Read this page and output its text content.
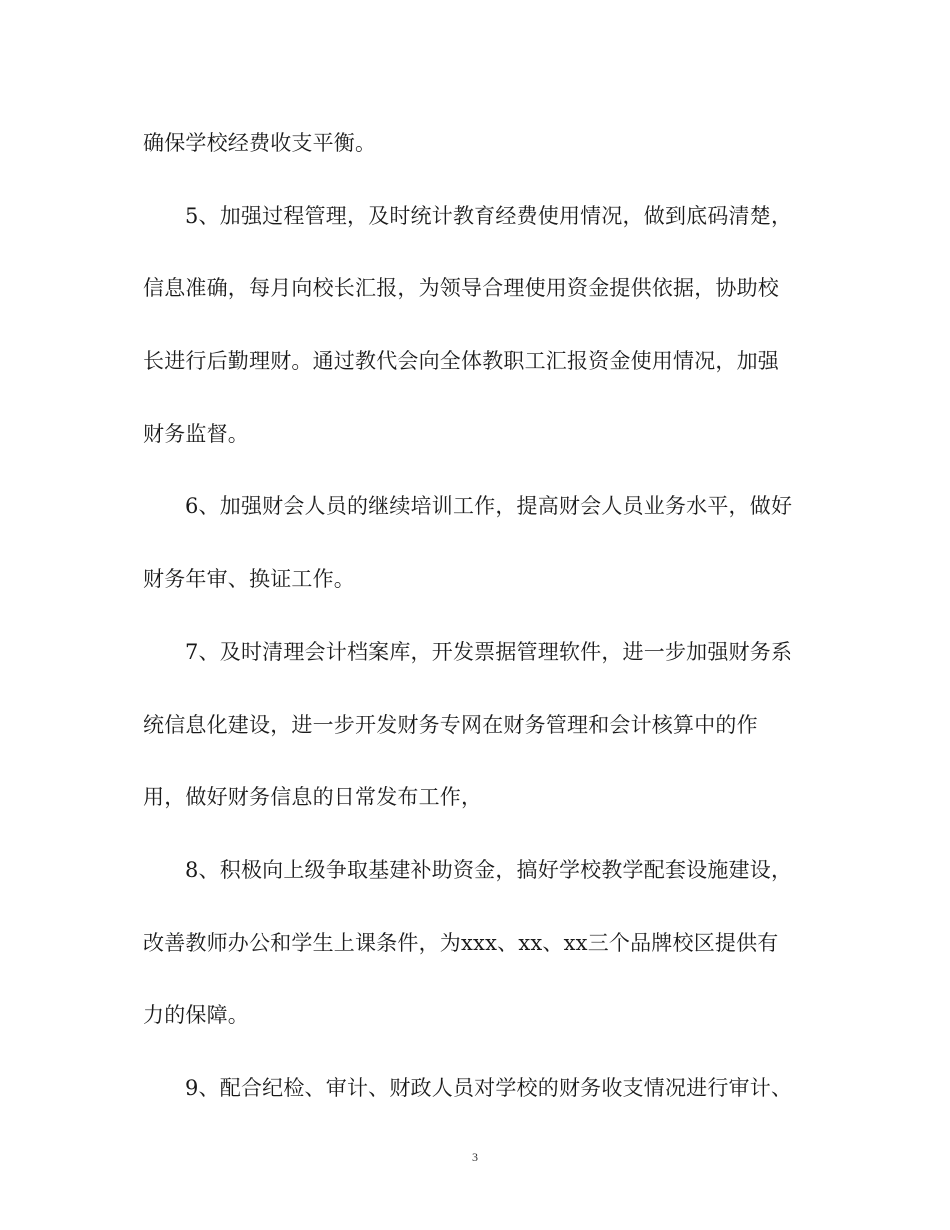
确保学校经费收支平衡。
5、加强过程管理，及时统计教育经费使用情况，做到底码清楚，
信息准确，每月向校长汇报，为领导合理使用资金提供依据，协助校
长进行后勤理财。通过教代会向全体教职工汇报资金使用情况，加强
财务监督。
6、加强财会人员的继续培训工作，提高财会人员业务水平，做好
财务年审、换证工作。
7、及时清理会计档案库，开发票据管理软件，进一步加强财务系
统信息化建设，进一步开发财务专网在财务管理和会计核算中的作
用，做好财务信息的日常发布工作，
8、积极向上级争取基建补助资金，搞好学校教学配套设施建设，
改善教师办公和学生上课条件，为xxx、xx、xx三个品牌校区提供有
力的保障。
9、配合纪检、审计、财政人员对学校的财务收支情况进行审计、
3
